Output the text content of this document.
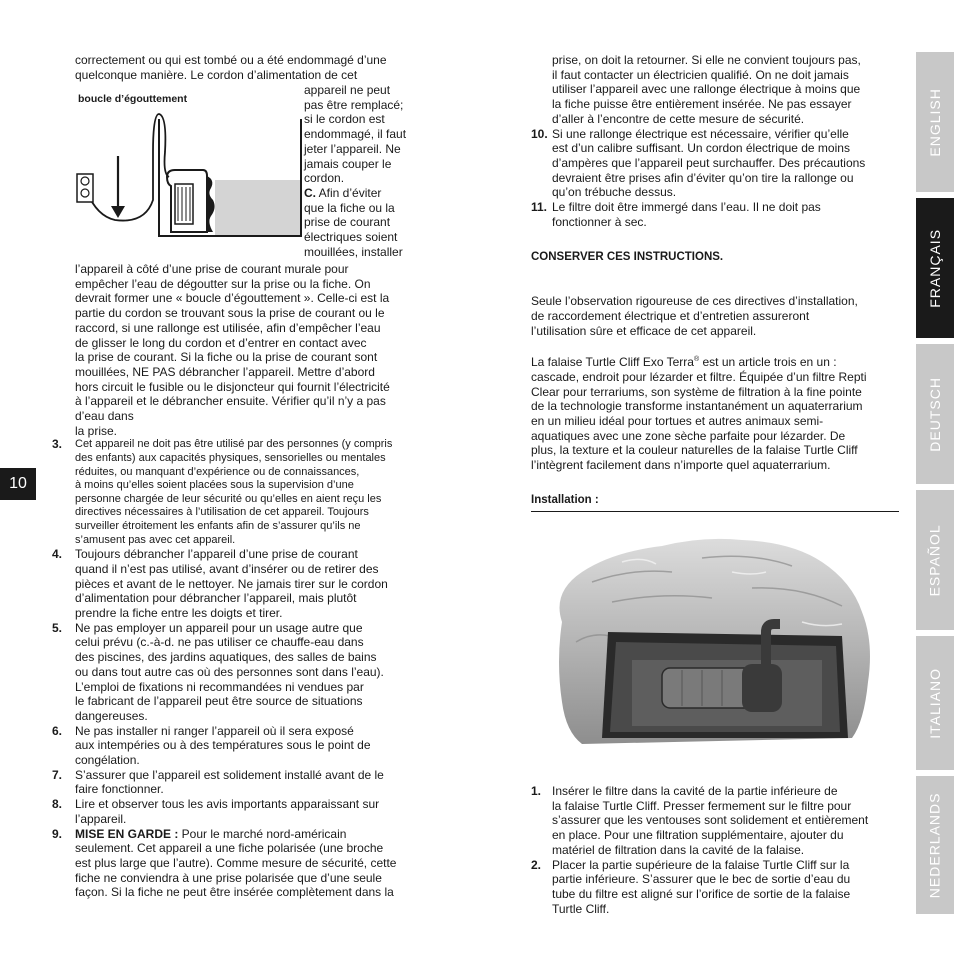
10
ENGLISH
FRANÇAIS
DEUTSCH
ESPAÑOL
ITALIANO
NEDERLANDS

correctement ou qui est tombé ou a été endommagé d’une

quelconque manière. Le cordon d’alimentation de cet

boucle d’égouttement

appareil ne peut

pas être remplacé;

si le cordon est

endommagé, il faut

jeter l’appareil. Ne

jamais couper le

cordon.

C. Afin d’éviter

que la fiche ou la

prise de courant

électriques soient

mouillées, installer

l’appareil à côté d’une prise de courant murale pour

empêcher l’eau de dégoutter sur la prise ou la fiche. On

devrait former une « boucle d’égouttement ». Celle-ci est la

partie du cordon se trouvant sous la prise de courant ou le

raccord, si une rallonge est utilisée, afin d’empêcher l’eau

de glisser le long du cordon et d’entrer en contact avec

la prise de courant. Si la fiche ou la prise de courant sont

mouillées, NE PAS débrancher l’appareil. Mettre d’abord

hors circuit le fusible ou le disjoncteur qui fournit l’électricité

à l’appareil et le débrancher ensuite. Vérifier qu’il n’y a pas

d’eau dans

la prise.

3. Cet appareil ne doit pas être utilisé par des personnes (y compris

des enfants) aux capacités physiques, sensorielles ou mentales

réduites, ou manquant d’expérience ou de connaissances,

à moins qu’elles soient placées sous la supervision d’une

personne chargée de leur sécurité ou qu’elles en aient reçu les

directives nécessaires à l’utilisation de cet appareil. Toujours

surveiller étroitement les enfants afin de s’assurer qu’ils ne

s’amusent pas avec cet appareil.

4. Toujours débrancher l’appareil d’une prise de courant

quand il n’est pas utilisé, avant d’insérer ou de retirer des

pièces et avant de le nettoyer. Ne jamais tirer sur le cordon

d’alimentation pour débrancher l’appareil, mais plutôt

prendre la fiche entre les doigts et tirer.

5. Ne pas employer un appareil pour un usage autre que

celui prévu (c.-à-d. ne pas utiliser ce chauffe-eau dans

des piscines, des jardins aquatiques, des salles de bains

ou dans tout autre cas où des personnes sont dans l’eau).

L’emploi de fixations ni recommandées ni vendues par

le fabricant de l’appareil peut être source de situations

dangereuses.

6. Ne pas installer ni ranger l’appareil où il sera exposé

aux intempéries ou à des températures sous le point de

congélation.

7. S’assurer que l’appareil est solidement installé avant de le

faire fonctionner.

8. Lire et observer tous les avis importants apparaissant sur

l’appareil.

9. MISE EN GARDE : Pour le marché nord-américain

seulement. Cet appareil a une fiche polarisée (une broche

est plus large que l’autre). Comme mesure de sécurité, cette

fiche ne conviendra à une prise polarisée que d’une seule

façon. Si la fiche ne peut être insérée complètement dans la

prise, on doit la retourner. Si elle ne convient toujours pas,

il faut contacter un électricien qualifié. On ne doit jamais

utiliser l’appareil avec une rallonge électrique à moins que

la fiche puisse être entièrement insérée. Ne pas essayer

d’aller à l’encontre de cette mesure de sécurité.

10. Si une rallonge électrique est nécessaire, vérifier qu’elle

est d’un calibre suffisant. Un cordon électrique de moins

d’ampères que l’appareil peut surchauffer. Des précautions

devraient être prises afin d’éviter qu’on tire la rallonge ou

qu’on trébuche dessus.

11. Le filtre doit être immergé dans l’eau. Il ne doit pas

fonctionner à sec.

CONSERVER CES INSTRUCTIONS.

Seule l’observation rigoureuse de ces directives d’installation,

de raccordement électrique et d’entretien assureront

l’utilisation sûre et efficace de cet appareil.

La falaise Turtle Cliff Exo Terra® est un article trois en un :

cascade, endroit pour lézarder et filtre. Équipée d’un filtre Repti

Clear pour terrariums, son système de filtration à la fine pointe

de la technologie transforme instantanément un aquaterrarium

en un milieu idéal pour tortues et autres animaux semi-

aquatiques avec une zone sèche parfaite pour lézarder. De

plus, la texture et la couleur naturelles de la falaise Turtle Cliff

l’intègrent facilement dans n’importe quel aquaterrarium.

Installation :

1. Insérer le filtre dans la cavité de la partie inférieure de

la falaise Turtle Cliff. Presser fermement sur le filtre pour

s’assurer que les ventouses sont solidement et entièrement

en place. Pour une filtration supplémentaire, ajouter du

matériel de filtration dans la cavité de la falaise.

2. Placer la partie supérieure de la falaise Turtle Cliff sur la

partie inférieure. S’assurer que le bec de sortie d’eau du

tube du filtre est aligné sur l’orifice de sortie de la falaise

Turtle Cliff.
